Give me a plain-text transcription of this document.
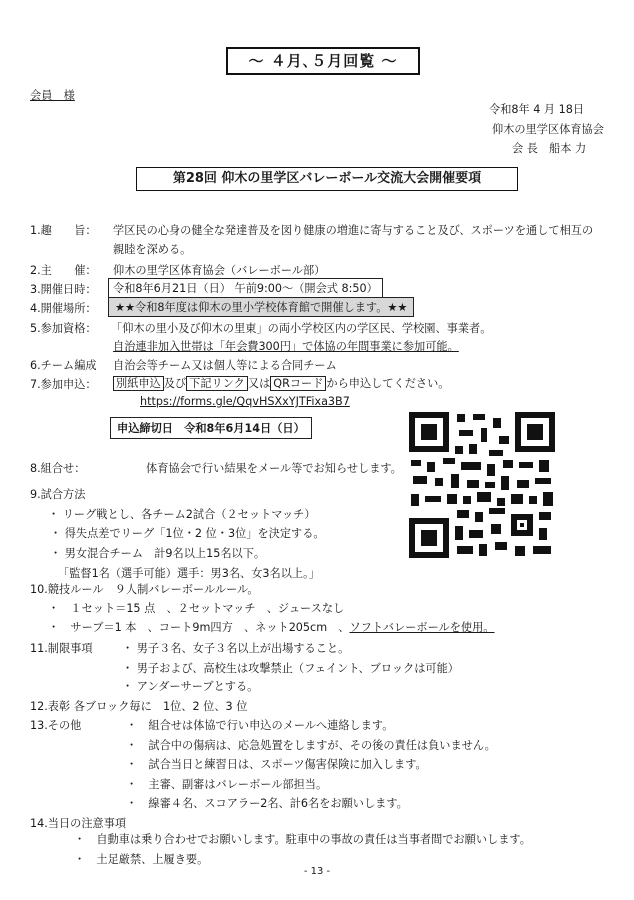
～ ４月､５月回覧 ～
会員　様
令和8年 4 月 18日
仰木の里学区体育協会
会 長　船本 力
第28回 仰木の里学区バレーボール交流大会開催要項
1.趣　　旨： 学区民の心身の健全な発達普及を図り健康の増進に寄与すること及び、スポーツを通して相互の
親睦を深める。
2.主　　催： 仰木の里学区体育協会（バレーボール部）
3.開催日時：	令和8年6月21日（日） 午前9:00～（開会式 8:50）
4.開催場所：	★★令和8年度は仰木の里小学校体育館で開催します。★★
5.参加資格： 「仰木の里小及び仰木の里東」の両小学校区内の学区民、学校園、事業者。
自治連非加入世帯は「年会費300円」で体協の年間事業に参加可能。
6.チーム編成 自治会等チーム又は個人等による合同チーム
7.参加申込： 別紙申込 及び 下記リンク 又は QRコード から申込してください。
https://forms.gle/QqvHSXxYJTFixa3B7
申込締切日　令和8年6月14日（日）
8.組合せ：	体育協会で行い結果をメール等でお知らせします。
9.試合方法
・ リーグ戦とし、各チーム2試合（２セットマッチ）
・ 得失点差でリーグ「1位・2 位・3位」を決定する。
・ 男女混合チーム　計9名以上15名以下。
「監督1名（選手可能）選手：男3名、女3名以上。」
10.競技ルール　９人制バレーボールルール。
・　１セット＝15 点　、２セットマッチ　、ジュースなし
・　サーブ＝1 本　、コート9m四方　、ネット205cm　、ソフトバレーボールを使用。
11.制限事項	・ 男子３名、女子３名以上が出場すること。
・ 男子および、高校生は攻撃禁止（フェイント、ブロックは可能）
・ アンダーサーブとする。
12.表彰 各ブロック毎に　1位、2 位、3 位
13.その他	・　組合せは体協で行い申込のメールへ連絡します。
・　試合中の傷病は、応急処置をしますが、その後の責任は負いません。
・　試合当日と練習日は、スポーツ傷害保険に加入します。
・　主審、副審はバレーボール部担当。
・　線審４名、スコアラー2名、計6名をお願いします。
14.当日の注意事項
・　自動車は乗り合わせでお願いします。駐車中の事故の責任は当事者間でお願いします。
・　土足厳禁、上履き要。
- 13 -
